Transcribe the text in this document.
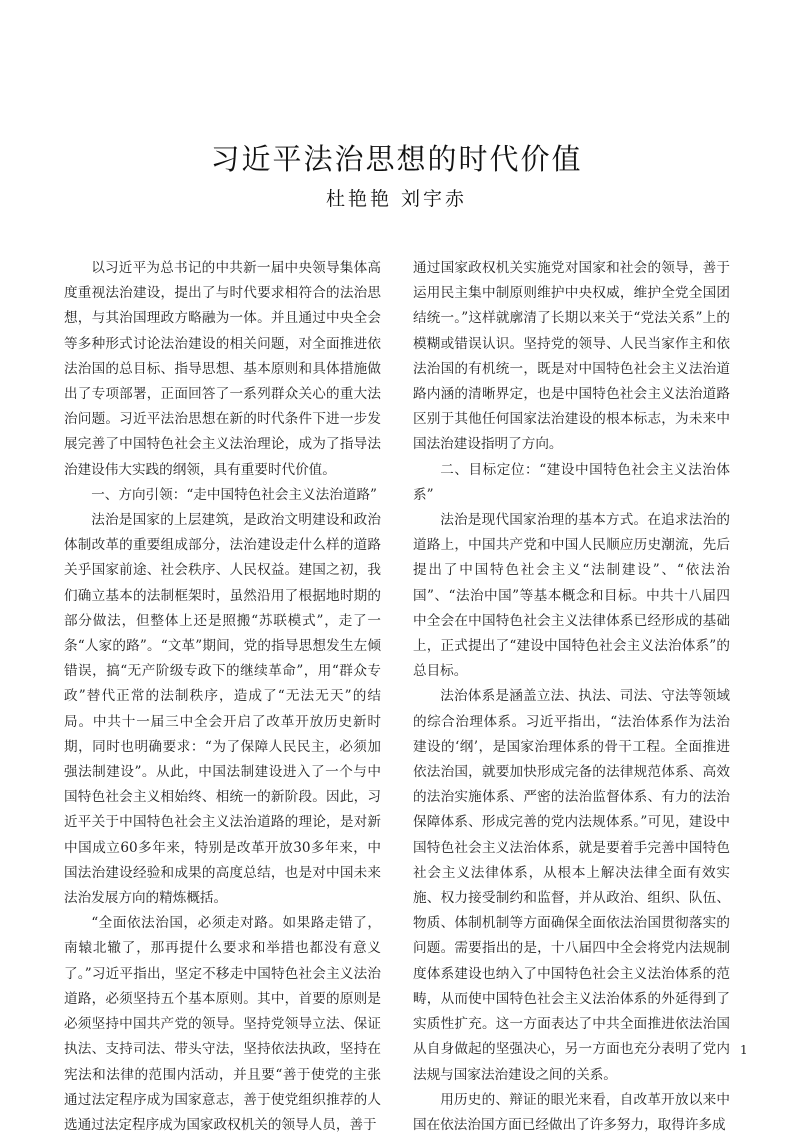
习近平法治思想的时代价值
杜艳艳 刘宇赤

以习近平为总书记的中共新一届中央领导集体高度重视法治建设，提出了与时代要求相符合的法治思想，与其治国理政方略融为一体。并且通过中央全会等多种形式讨论法治建设的相关问题，对全面推进依法治国的总目标、指导思想、基本原则和具体措施做出了专项部署，正面回答了一系列群众关心的重大法治问题。习近平法治思想在新的时代条件下进一步发展完善了中国特色社会主义法治理论，成为了指导法治建设伟大实践的纲领，具有重要时代价值。

一、方向引领：“走中国特色社会主义法治道路”

法治是国家的上层建筑，是政治文明建设和政治体制改革的重要组成部分，法治建设走什么样的道路关乎国家前途、社会秩序、人民权益。建国之初，我们确立基本的法制框架时，虽然沿用了根据地时期的部分做法，但整体上还是照搬“苏联模式”，走了一条“人家的路”。“文革”期间，党的指导思想发生左倾错误，搞“无产阶级专政下的继续革命”，用“群众专政”替代正常的法制秩序，造成了“无法无天”的结局。中共十一届三中全会开启了改革开放历史新时期，同时也明确要求：“为了保障人民民主，必须加强法制建设”。从此，中国法制建设进入了一个与中国特色社会主义相始终、相统一的新阶段。因此，习近平关于中国特色社会主义法治道路的理论，是对新中国成立60多年来，特别是改革开放30多年来，中国法治建设经验和成果的高度总结，也是对中国未来法治发展方向的精炼概括。

“全面依法治国，必须走对路。如果路走错了，南辕北辙了，那再提什么要求和举措也都没有意义了。”习近平指出，坚定不移走中国特色社会主义法治道路，必须坚持五个基本原则。其中，首要的原则是必须坚持中国共产党的领导。坚持党领导立法、保证执法、支持司法、带头守法，坚持依法执政，坚持在宪法和法律的范围内活动，并且要“善于使党的主张通过法定程序成为国家意志，善于使党组织推荐的人选通过法定程序成为国家政权机关的领导人员，善于

通过国家政权机关实施党对国家和社会的领导，善于运用民主集中制原则维护中央权威，维护全党全国团结统一。”这样就廓清了长期以来关于“党法关系”上的模糊或错误认识。坚持党的领导、人民当家作主和依法治国的有机统一，既是对中国特色社会主义法治道路内涵的清晰界定，也是中国特色社会主义法治道路区别于其他任何国家法治建设的根本标志，为未来中国法治建设指明了方向。

二、目标定位：“建设中国特色社会主义法治体系”

法治是现代国家治理的基本方式。在追求法治的道路上，中国共产党和中国人民顺应历史潮流，先后提出了中国特色社会主义“法制建设”、“依法治国”、“法治中国”等基本概念和目标。中共十八届四中全会在中国特色社会主义法律体系已经形成的基础上，正式提出了“建设中国特色社会主义法治体系”的总目标。

法治体系是涵盖立法、执法、司法、守法等领域的综合治理体系。习近平指出，“法治体系作为法治建设的‘纲’，是国家治理体系的骨干工程。全面推进依法治国，就要加快形成完备的法律规范体系、高效的法治实施体系、严密的法治监督体系、有力的法治保障体系、形成完善的党内法规体系。”可见，建设中国特色社会主义法治体系，就是要着手完善中国特色社会主义法律体系，从根本上解决法律全面有效实施、权力接受制约和监督，并从政治、组织、队伍、物质、体制机制等方面确保全面依法治国贯彻落实的问题。需要指出的是，十八届四中全会将党内法规制度体系建设也纳入了中国特色社会主义法治体系的范畴，从而使中国特色社会主义法治体系的外延得到了实质性扩充。这一方面表达了中共全面推进依法治国从自身做起的坚强决心，另一方面也充分表明了党内法规与国家法治建设之间的关系。

用历史的、辩证的眼光来看，自改革开放以来中国在依法治国方面已经做出了许多努力，取得许多成

1
